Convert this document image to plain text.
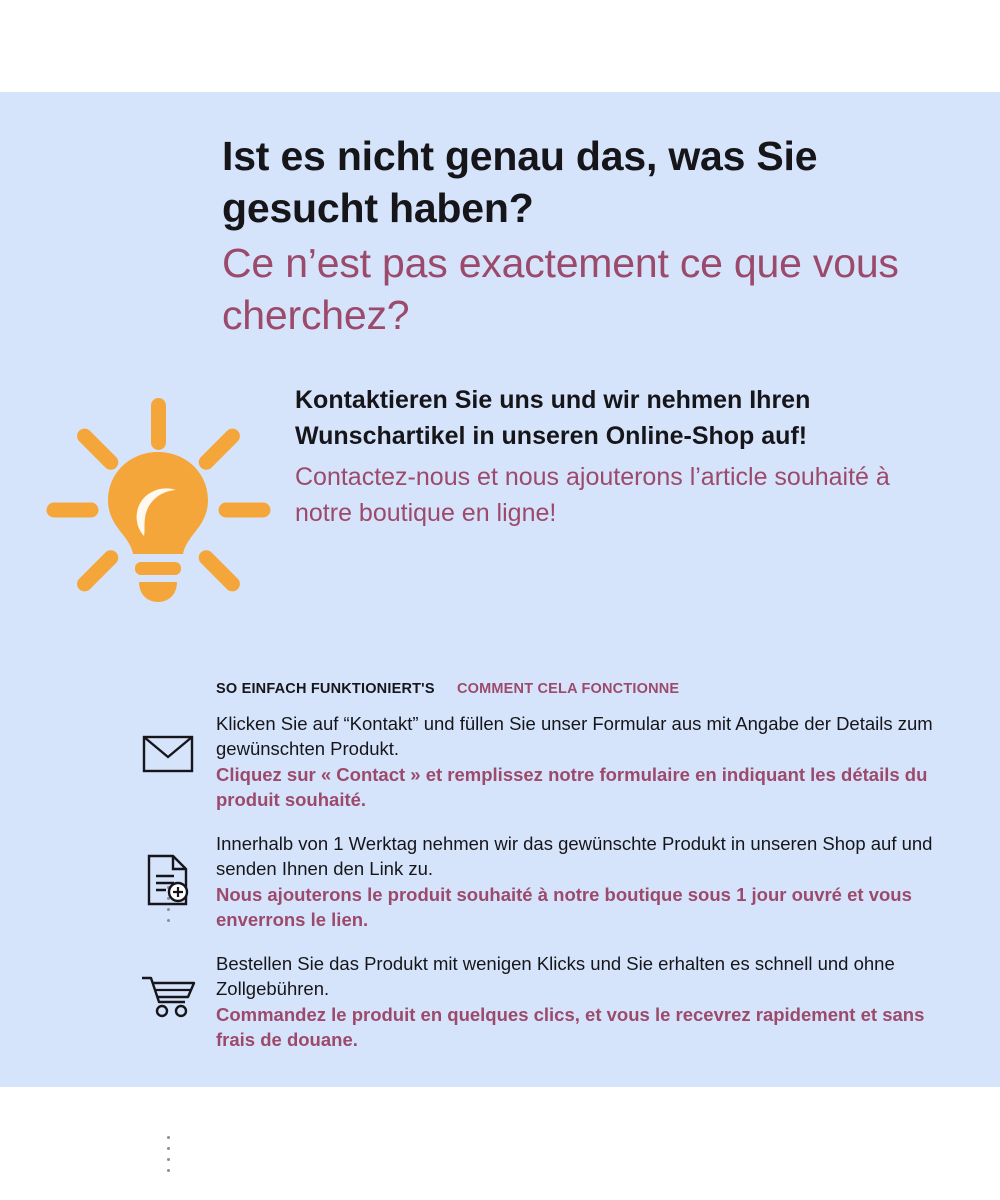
Ist es nicht genau das, was Sie gesucht haben?
Ce n’est pas exactement ce que vous cherchez?
Kontaktieren Sie uns und wir nehmen Ihren Wunschartikel in unseren Online-Shop auf!
Contactez-nous et nous ajouterons l’article souhaité à notre boutique en ligne!
SO EINFACH FUNKTIONIERT'S COMMENT CELA FONCTIONNE
Klicken Sie auf “Kontakt” und füllen Sie unser Formular aus mit Angabe der Details zum gewünschten Produkt.
Cliquez sur « Contact » et remplissez notre formulaire en indiquant les détails du produit souhaité.
Innerhalb von 1 Werktag nehmen wir das gewünschte Produkt in unseren Shop auf und senden Ihnen den Link zu.
Nous ajouterons le produit souhaité à notre boutique sous 1 jour ouvré et vous enverrons le lien.
Bestellen Sie das Produkt mit wenigen Klicks und Sie erhalten es schnell und ohne Zollgebühren.
Commandez le produit en quelques clics, et vous le recevrez rapidement et sans frais de douane.
